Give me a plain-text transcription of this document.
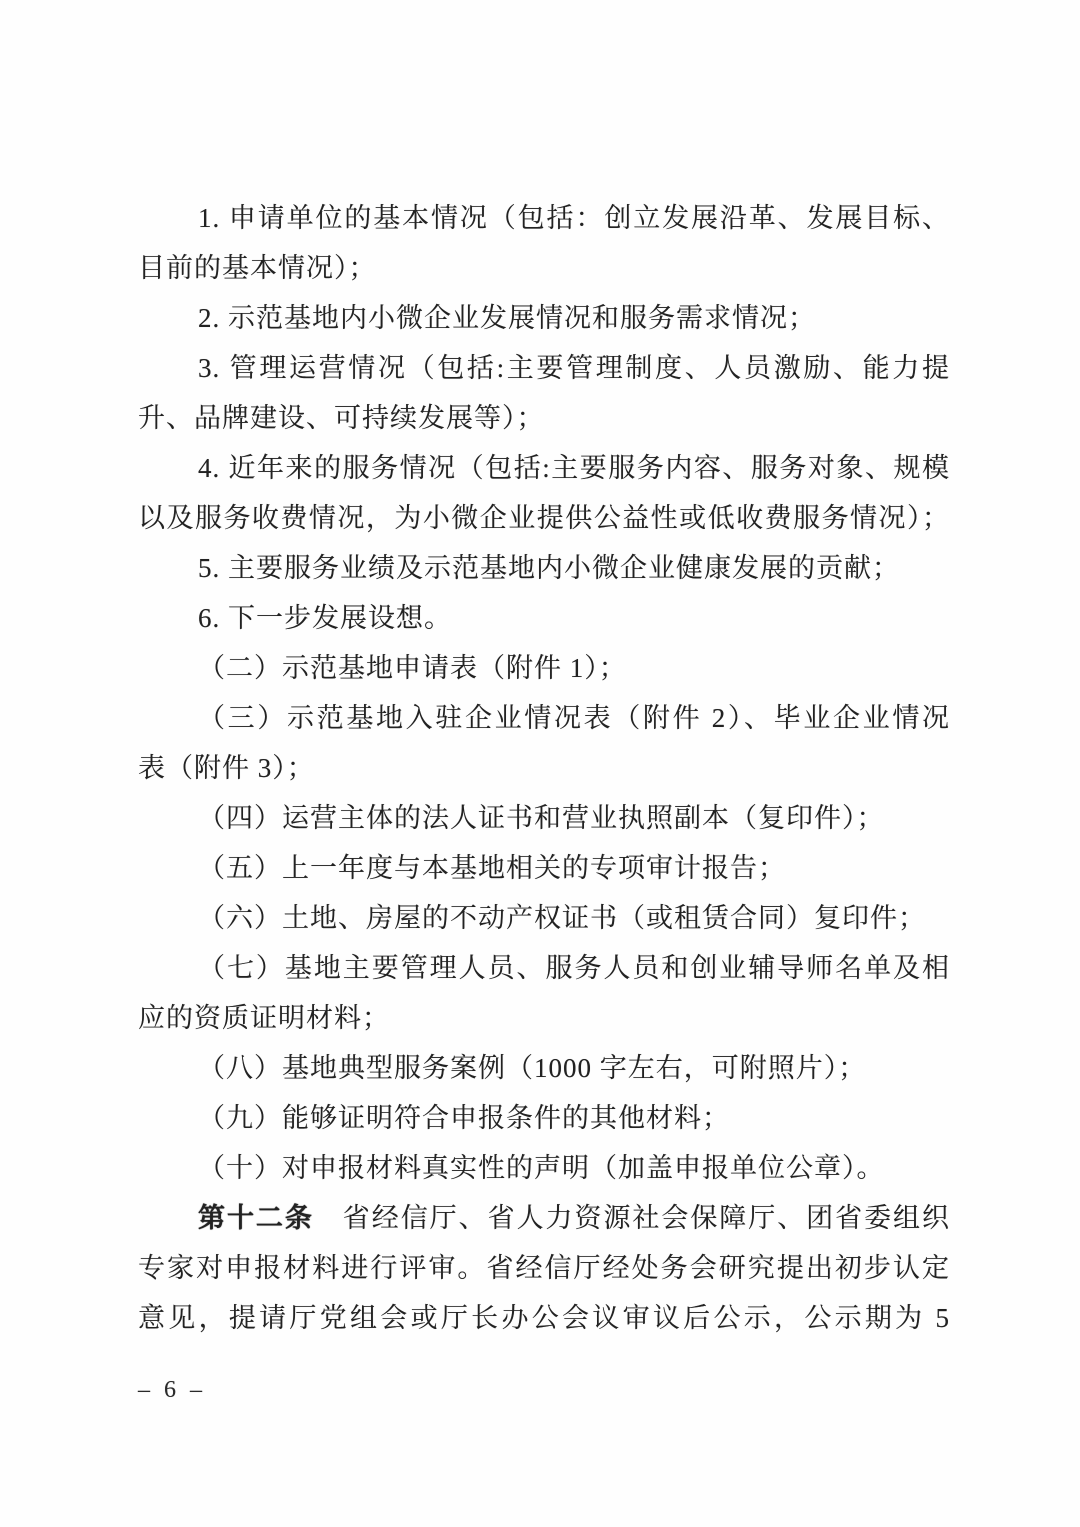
1. 申请单位的基本情况（包括：创立发展沿革、发展目标、
目前的基本情况）；
2. 示范基地内小微企业发展情况和服务需求情况；
3. 管理运营情况（包括:主要管理制度、人员激励、能力提
升、品牌建设、可持续发展等）；
4. 近年来的服务情况（包括:主要服务内容、服务对象、规模
以及服务收费情况，为小微企业提供公益性或低收费服务情况）；
5. 主要服务业绩及示范基地内小微企业健康发展的贡献；
6. 下一步发展设想。
（二）示范基地申请表（附件 1）；
（三）示范基地入驻企业情况表（附件 2）、毕业企业情况
表（附件 3）；
（四）运营主体的法人证书和营业执照副本（复印件）；
（五）上一年度与本基地相关的专项审计报告；
（六）土地、房屋的不动产权证书（或租赁合同）复印件；
（七）基地主要管理人员、服务人员和创业辅导师名单及相
应的资质证明材料；
（八）基地典型服务案例（1000 字左右，可附照片）；
（九）能够证明符合申报条件的其他材料；
（十）对申报材料真实性的声明（加盖申报单位公章）。
第十二条　省经信厅、省人力资源社会保障厅、团省委组织
专家对申报材料进行评审。省经信厅经处务会研究提出初步认定
意见，提请厅党组会或厅长办公会议审议后公示，公示期为 5
– 6 –
